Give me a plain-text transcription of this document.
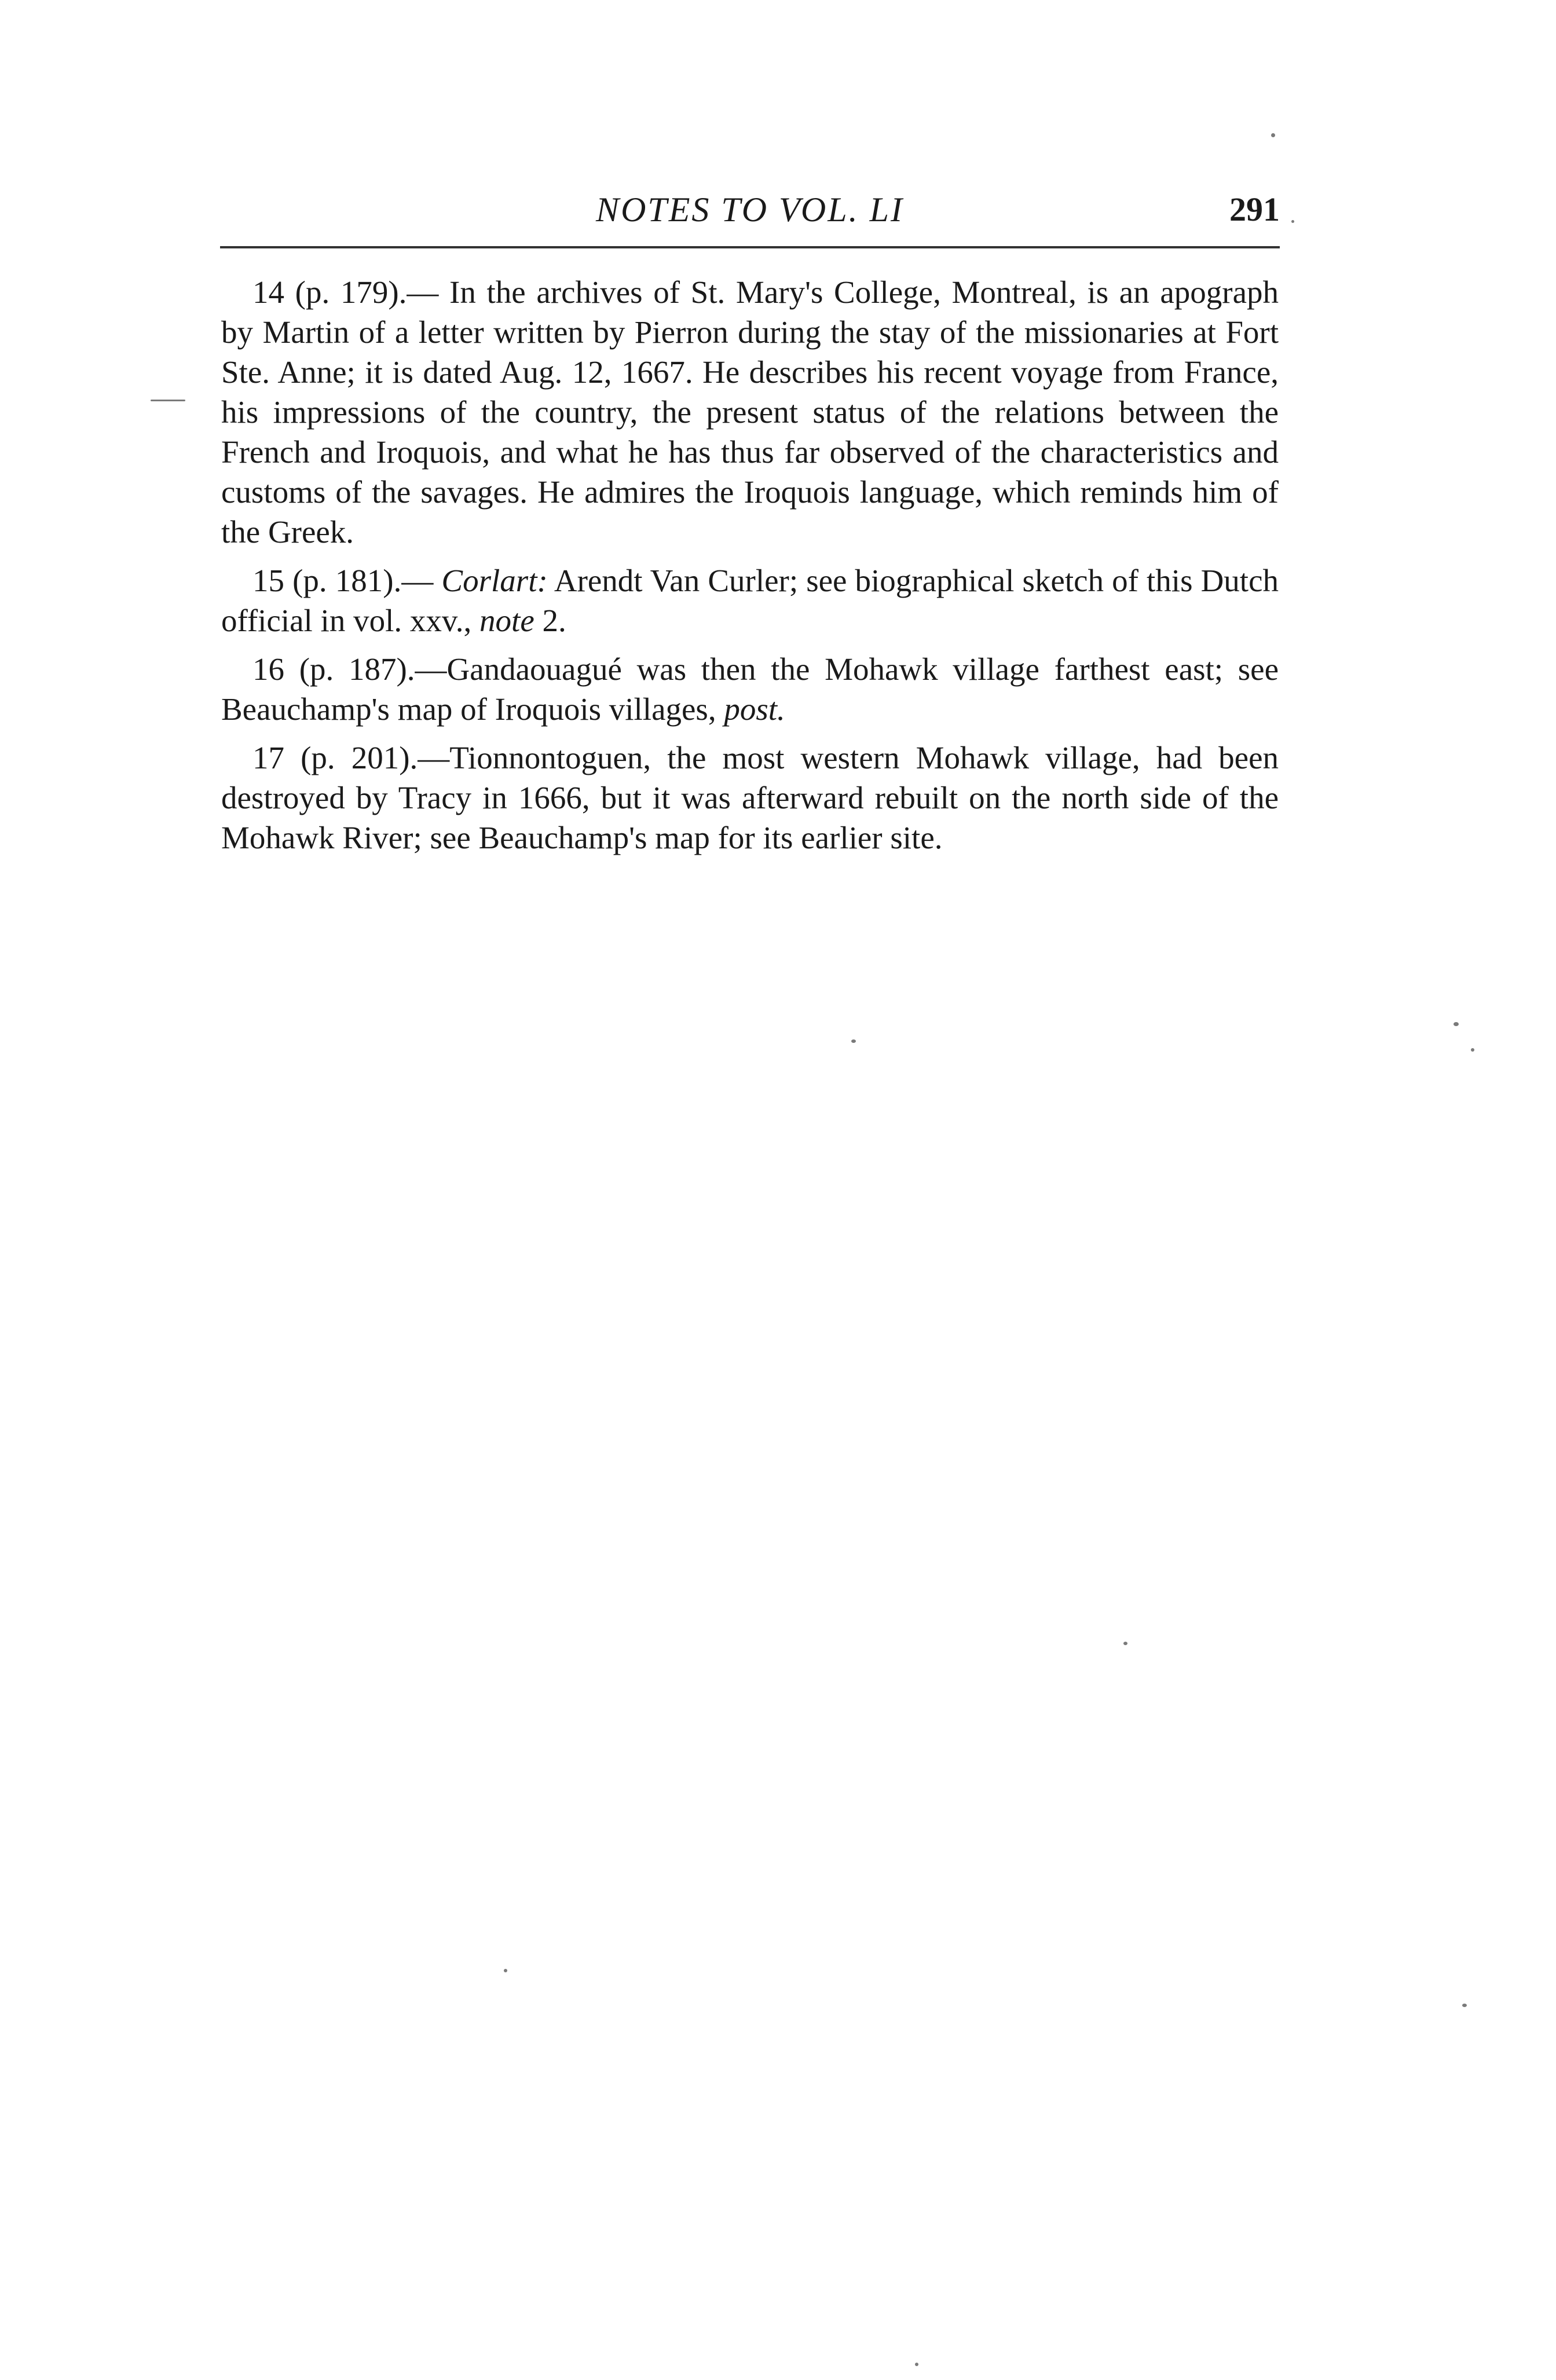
NOTES TO VOL. LI	291

14 (p. 179).— In the archives of St. Mary's College, Montreal, is an apograph by Martin of a letter written by Pierron during the stay of the missionaries at Fort Ste. Anne; it is dated Aug. 12, 1667. He describes his recent voyage from France, his impressions of the country, the present status of the relations between the French and Iroquois, and what he has thus far observed of the characteristics and customs of the savages. He admires the Iroquois language, which reminds him of the Greek.

15 (p. 181).— Corlart: Arendt Van Curler; see biographical sketch of this Dutch official in vol. xxv., note 2.

16 (p. 187).—Gandaouagué was then the Mohawk village farthest east; see Beauchamp's map of Iroquois villages, post.

17 (p. 201).—Tionnontoguen, the most western Mohawk village, had been destroyed by Tracy in 1666, but it was afterward rebuilt on the north side of the Mohawk River; see Beauchamp's map for its earlier site.
